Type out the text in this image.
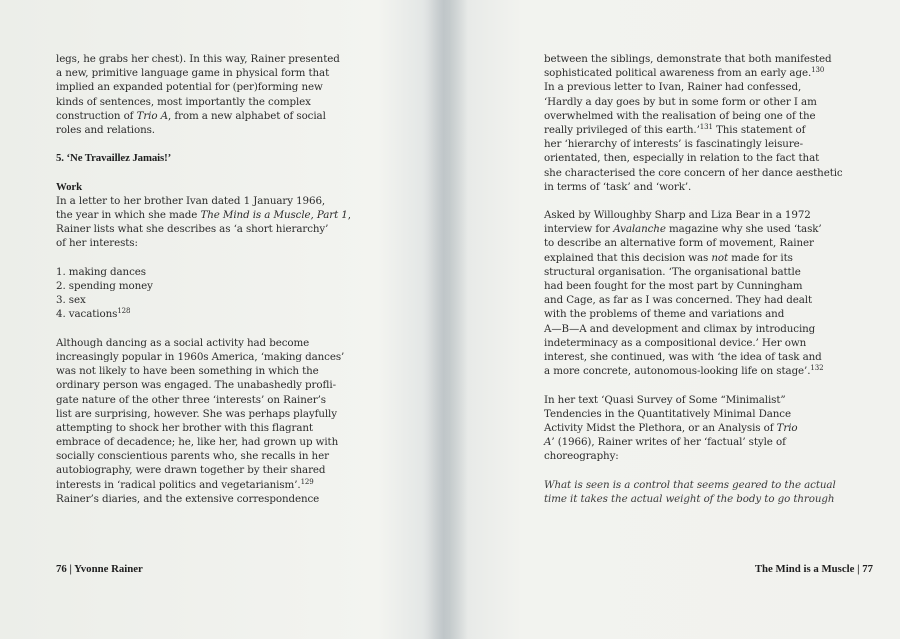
legs, he grabs her chest). In this way, Rainer presented
a new, primitive language game in physical form that
implied an expanded potential for (per)forming new
kinds of sentences, most importantly the complex
construction of Trio A, from a new alphabet of social
roles and relations.
5. ‘Ne Travaillez Jamais!’
Work
In a letter to her brother Ivan dated 1 January 1966,
the year in which she made The Mind is a Muscle, Part 1,
Rainer lists what she describes as ‘a short hierarchy’
of her interests:
1. making dances
2. spending money
3. sex
4. vacations$^{128}$
Although dancing as a social activity had become
increasingly popular in 1960s America, ‘making dances’
was not likely to have been something in which the
ordinary person was engaged. The unabashedly profli-
gate nature of the other three ‘interests’ on Rainer’s
list are surprising, however. She was perhaps playfully
attempting to shock her brother with this flagrant
embrace of decadence; he, like her, had grown up with
socially conscientious parents who, she recalls in her
autobiography, were drawn together by their shared
interests in ‘radical politics and vegetarianism’.$^{129}$
Rainer’s diaries, and the extensive correspondence
76 | Yvonne Rainer
between the siblings, demonstrate that both manifested
sophisticated political awareness from an early age.$^{130}$
In a previous letter to Ivan, Rainer had confessed,
‘Hardly a day goes by but in some form or other I am
overwhelmed with the realisation of being one of the
really privileged of this earth.’$^{131}$ This statement of
her ‘hierarchy of interests’ is fascinatingly leisure-
orientated, then, especially in relation to the fact that
she characterised the core concern of her dance aesthetic
in terms of ‘task’ and ‘work’.
Asked by Willoughby Sharp and Liza Bear in a 1972
interview for Avalanche magazine why she used ‘task’
to describe an alternative form of movement, Rainer
explained that this decision was not made for its
structural organisation. ‘The organisational battle
had been fought for the most part by Cunningham
and Cage, as far as I was concerned. They had dealt
with the problems of theme and variations and
A—B—A and development and climax by introducing
indeterminacy as a compositional device.’ Her own
interest, she continued, was with ‘the idea of task and
a more concrete, autonomous-looking life on stage’.$^{132}$
In her text ‘Quasi Survey of Some “Minimalist”
Tendencies in the Quantitatively Minimal Dance
Activity Midst the Plethora, or an Analysis of Trio
A’ (1966), Rainer writes of her ‘factual’ style of
choreography:
What is seen is a control that seems geared to the actual
time it takes the actual weight of the body to go through
The Mind is a Muscle | 77
